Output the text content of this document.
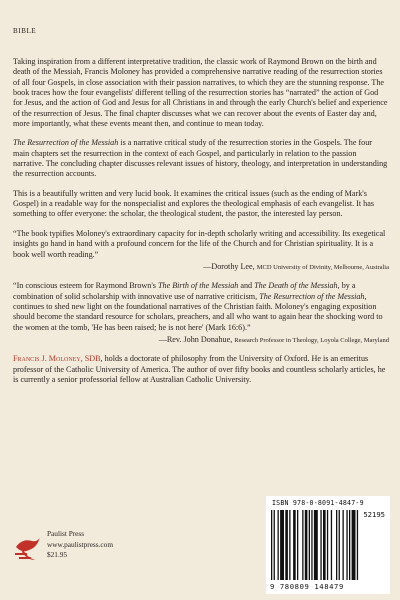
BIBLE

Taking inspiration from a different interpretative tradition, the classic work of Raymond Brown on the birth and death of the Messiah, Francis Moloney has provided a comprehensive narrative reading of the resurrection stories of all four Gospels, in close association with their passion narratives, to which they are the stunning response. The book traces how the four evangelists' different telling of the resurrection stories has “narrated” the action of God for Jesus, and the action of God and Jesus for all Christians in and through the early Church's belief and experience of the resurrection of Jesus. The final chapter discusses what we can recover about the events of Easter day and, more importantly, what these events meant then, and continue to mean today.

The Resurrection of the Messiah is a narrative critical study of the resurrection stories in the Gospels. The four main chapters set the resurrection in the context of each Gospel, and particularly in relation to the passion narrative. The concluding chapter discusses relevant issues of history, theology, and interpretation in understanding the resurrection accounts.

This is a beautifully written and very lucid book. It examines the critical issues (such as the ending of Mark's Gospel) in a readable way for the nonspecialist and explores the theological emphasis of each evangelist. It has something to offer everyone: the scholar, the theological student, the pastor, the interested lay person.

“The book typifies Moloney's extraordinary capacity for in-depth scholarly writing and accessibility. Its exegetical insights go hand in hand with a profound concern for the life of the Church and for Christian spirituality. It is a book well worth reading.”

—Dorothy Lee, MCD University of Divinity, Melbourne, Australia

“In conscious esteem for Raymond Brown's The Birth of the Messiah and The Death of the Messiah, by a combination of solid scholarship with innovative use of narrative criticism, The Resurrection of the Messiah, continues to shed new light on the foundational narratives of the Christian faith. Moloney's engaging exposition should become the standard resource for scholars, preachers, and all who want to again hear the shocking word to the women at the tomb, 'He has been raised; he is not here' (Mark 16:6).”

—Rev. John Donahue, Research Professor in Theology, Loyola College, Maryland

Francis J. Moloney, SDB, holds a doctorate of philosophy from the University of Oxford. He is an emeritus professor of the Catholic University of America. The author of over fifty books and countless scholarly articles, he is currently a senior professorial fellow at Australian Catholic University.

Paulist Press
www.paulistpress.com
$21.95
ISBN 978-0-8091-4847-9
52195
9 780809 148479
